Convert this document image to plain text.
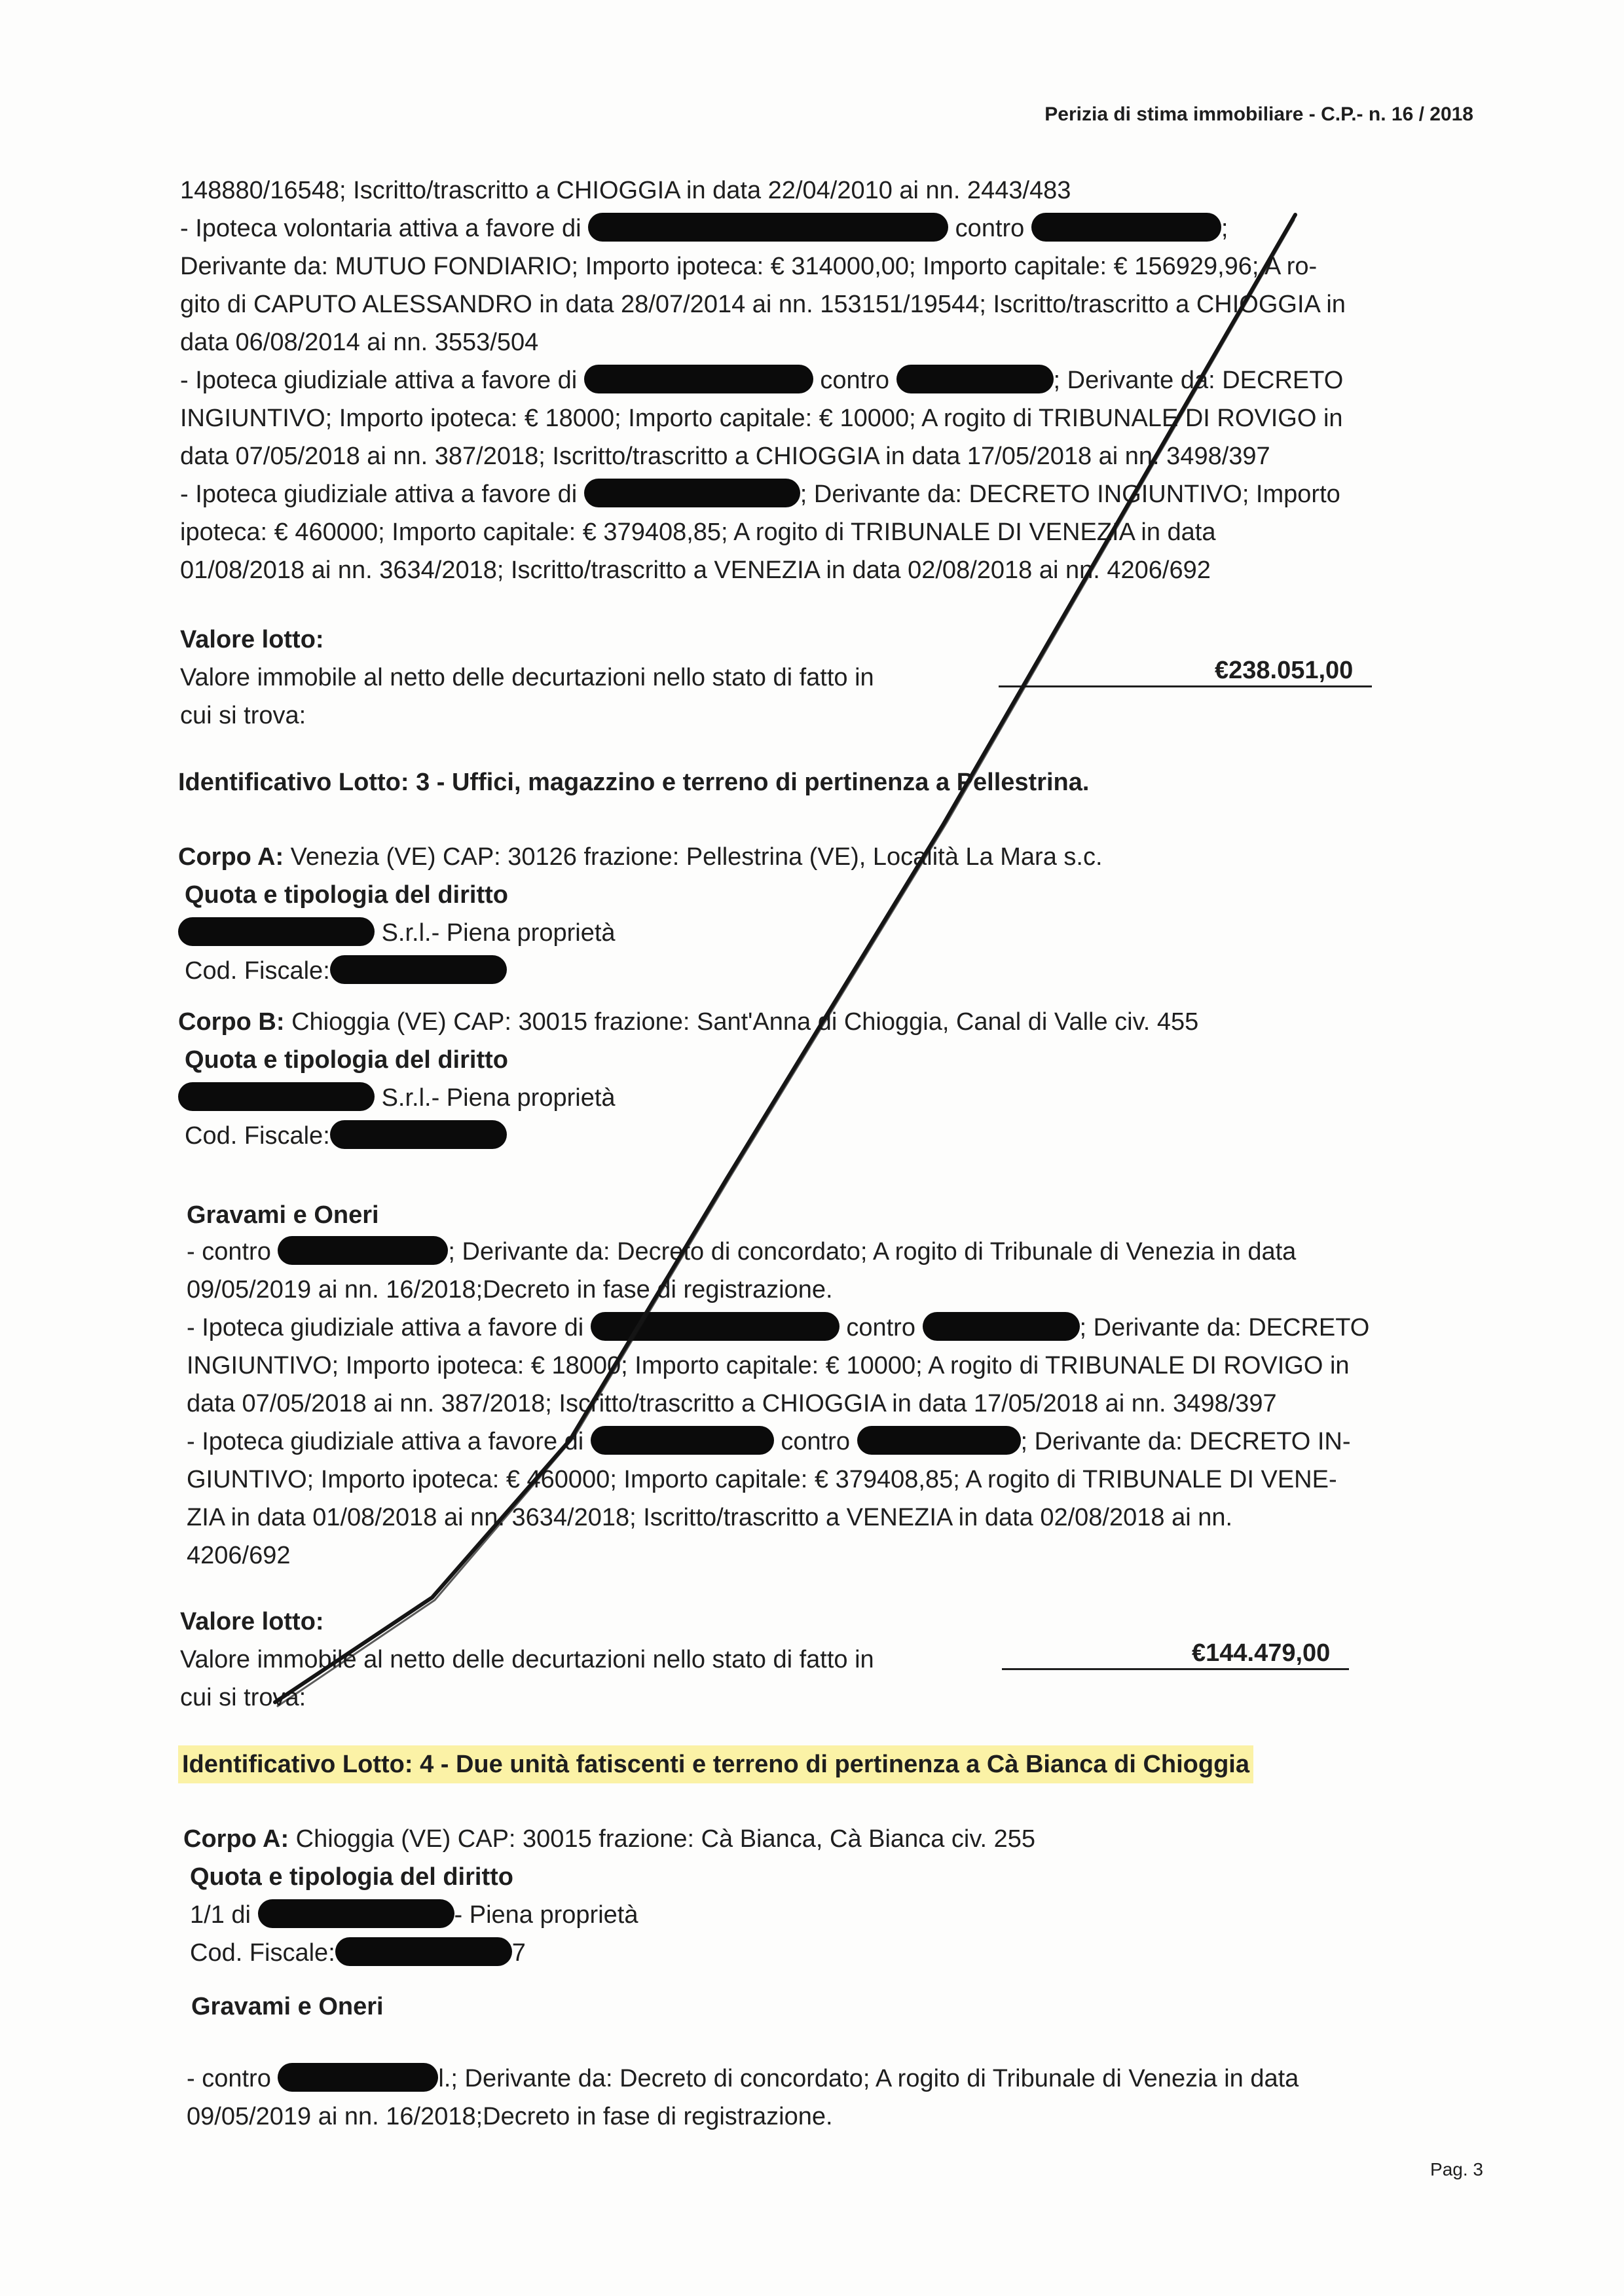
Perizia di stima immobiliare - C.P.- n. 16 / 2018
148880/16548; Iscritto/trascritto a CHIOGGIA in data 22/04/2010 ai nn. 2443/483
- Ipoteca volontaria attiva a favore di	contro	;
Derivante da: MUTUO FONDIARIO; Importo ipoteca: € 314000,00; Importo capitale: € 156929,96; A ro-
gito di CAPUTO ALESSANDRO in data 28/07/2014 ai nn. 153151/19544; Iscritto/trascritto a CHIOGGIA in
data 06/08/2014 ai nn. 3553/504
- Ipoteca giudiziale attiva a favore di	contro	; Derivante da: DECRETO
INGIUNTIVO; Importo ipoteca: € 18000; Importo capitale: € 10000; A rogito di TRIBUNALE DI ROVIGO in
data 07/05/2018 ai nn. 387/2018; Iscritto/trascritto a CHIOGGIA in data 17/05/2018 ai nn. 3498/397
- Ipoteca giudiziale attiva a favore di	; Derivante da: DECRETO INGIUNTIVO; Importo
ipoteca: € 460000; Importo capitale: € 379408,85; A rogito di TRIBUNALE DI VENEZIA in data
01/08/2018 ai nn. 3634/2018; Iscritto/trascritto a VENEZIA in data 02/08/2018 ai nn. 4206/692
Valore lotto:
Valore immobile al netto delle decurtazioni nello stato di fatto in
cui si trova:
€238.051,00
Identificativo Lotto: 3 - Uffici, magazzino e terreno di pertinenza a Pellestrina.
Corpo A: Venezia (VE) CAP: 30126 frazione: Pellestrina (VE), Località La Mara s.c.
Quota e tipologia del diritto
S.r.l.- Piena proprietà
Cod. Fiscale:
Corpo B: Chioggia (VE) CAP: 30015 frazione: Sant'Anna di Chioggia, Canal di Valle civ. 455
Quota e tipologia del diritto
S.r.l.- Piena proprietà
Cod. Fiscale:
Gravami e Oneri
- contro	; Derivante da: Decreto di concordato; A rogito di Tribunale di Venezia in data
09/05/2019 ai nn. 16/2018;Decreto in fase di registrazione.
- Ipoteca giudiziale attiva a favore di	contro	; Derivante da: DECRETO
INGIUNTIVO; Importo ipoteca: € 18000; Importo capitale: € 10000; A rogito di TRIBUNALE DI ROVIGO in
data 07/05/2018 ai nn. 387/2018; Iscritto/trascritto a CHIOGGIA in data 17/05/2018 ai nn. 3498/397
- Ipoteca giudiziale attiva a favore di	contro	; Derivante da: DECRETO IN-
GIUNTIVO; Importo ipoteca: € 460000; Importo capitale: € 379408,85; A rogito di TRIBUNALE DI VENE-
ZIA in data 01/08/2018 ai nn. 3634/2018; Iscritto/trascritto a VENEZIA in data 02/08/2018 ai nn.
4206/692
Valore lotto:
Valore immobile al netto delle decurtazioni nello stato di fatto in
cui si trova:
€144.479,00
Identificativo Lotto: 4 - Due unità fatiscenti e terreno di pertinenza a Cà Bianca di Chioggia
Corpo A: Chioggia (VE) CAP: 30015 frazione: Cà Bianca, Cà Bianca civ. 255
Quota e tipologia del diritto
1/1 di	- Piena proprietà
Cod. Fiscale:	7
Gravami e Oneri
- contro	l.; Derivante da: Decreto di concordato; A rogito di Tribunale di Venezia in data
09/05/2019 ai nn. 16/2018;Decreto in fase di registrazione.
Pag. 3
